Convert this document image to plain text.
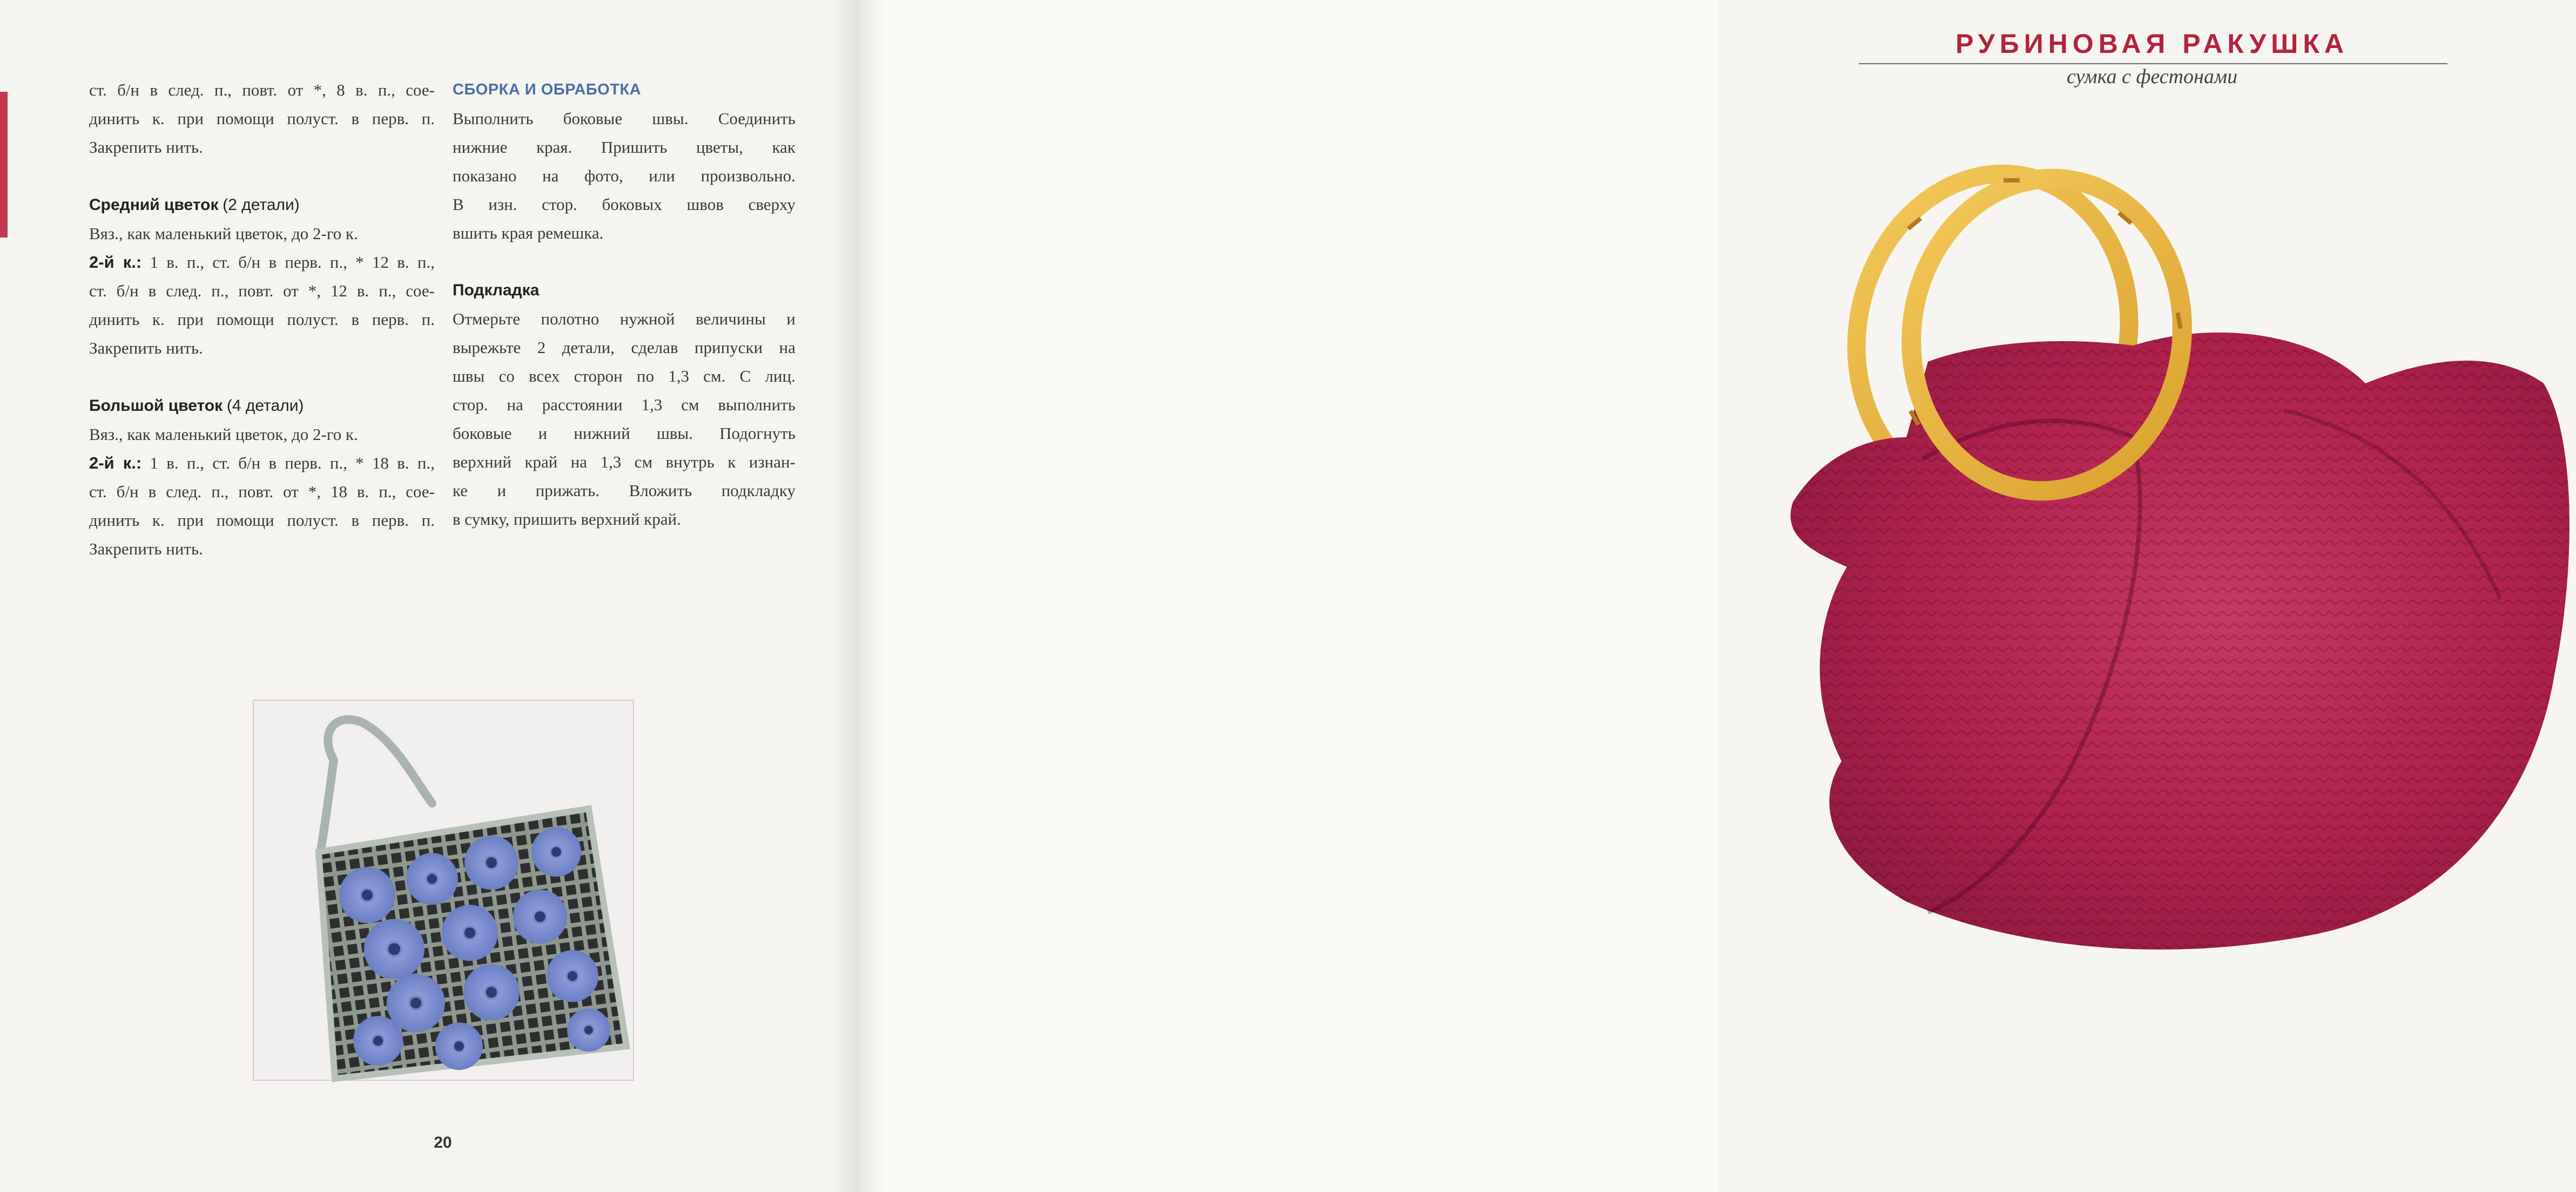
ст. б/н в след. п., повт. от *, 8 в. п., сое-

динить к. при помощи полуст. в перв. п.

Закрепить нить.

Средний цветок (2 детали)

Вяз., как маленький цветок, до 2-го к.

2-й к.: 1 в. п., ст. б/н в перв. п., * 12 в. п.,

ст. б/н в след. п., повт. от *, 12 в. п., сое-

динить к. при помощи полуст. в перв. п.

Закрепить нить.

Большой цветок (4 детали)

Вяз., как маленький цветок, до 2-го к.

2-й к.: 1 в. п., ст. б/н в перв. п., * 18 в. п.,

ст. б/н в след. п., повт. от *, 18 в. п., сое-

динить к. при помощи полуст. в перв. п.

Закрепить нить.

СБОРКА И ОБРАБОТКА

Выполнить боковые швы. Соединить

нижние края. Пришить цветы, как

показано на фото, или произвольно.

В изн. стор. боковых швов сверху

вшить края ремешка.

Подкладка

Отмерьте полотно нужной величины и

вырежьте 2 детали, сделав припуски на

швы со всех сторон по 1,3 см. С лиц.

стор. на расстоянии 1,3 см выполнить

боковые и нижний швы. Подогнуть

верхний край на 1,3 см внутрь к изнан-

ке и прижать. Вложить подкладку

в сумку, пришить верхний край.

20
РУБИНОВАЯ РАКУШКА
сумка с фестонами
